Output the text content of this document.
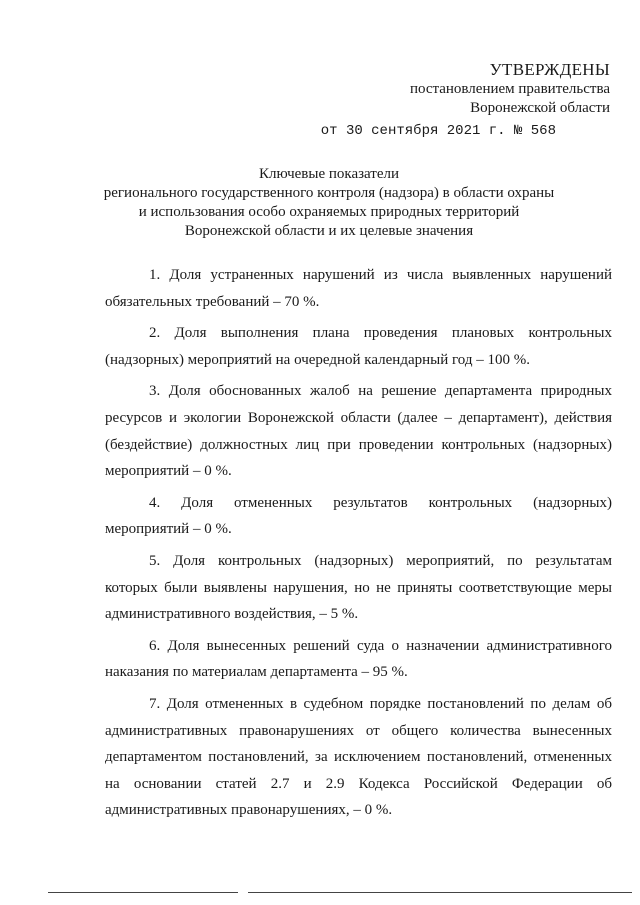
УТВЕРЖДЕНЫ
постановлением правительства
Воронежской области
от 30 сентября 2021 г. № 568
Ключевые показатели
регионального государственного контроля (надзора) в области охраны и использования особо охраняемых природных территорий Воронежской области и их целевые значения

1. Доля устраненных нарушений из числа выявленных нарушений обязательных требований – 70 %.

2. Доля выполнения плана проведения плановых контрольных (надзорных) мероприятий на очередной календарный год – 100 %.

3. Доля обоснованных жалоб на решение департамента природных ресурсов и экологии Воронежской области (далее – департамент), действия (бездействие) должностных лиц при проведении контрольных (надзорных) мероприятий – 0 %.

4. Доля отмененных результатов контрольных (надзорных) мероприятий – 0 %.

5. Доля контрольных (надзорных) мероприятий, по результатам которых были выявлены нарушения, но не приняты соответствующие меры административного воздействия, – 5 %.

6. Доля вынесенных решений суда о назначении административного наказания по материалам департамента – 95 %.

7. Доля отмененных в судебном порядке постановлений по делам об административных правонарушениях от общего количества вынесенных департаментом постановлений, за исключением постановлений, отмененных на основании статей 2.7 и 2.9 Кодекса Российской Федерации об административных правонарушениях, – 0 %.
